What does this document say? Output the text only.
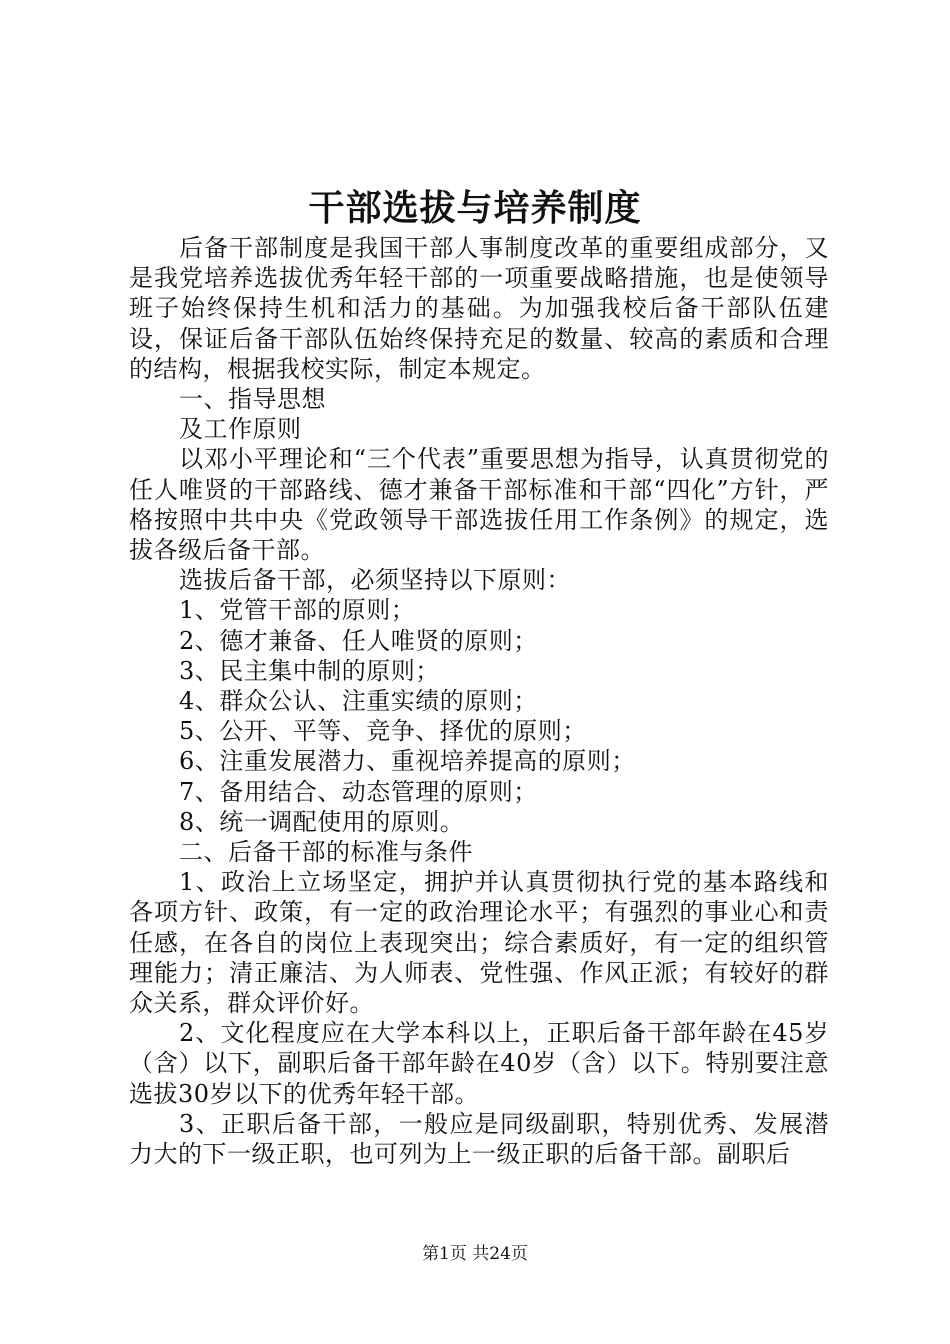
干部选拔与培养制度

后备干部制度是我国干部人事制度改革的重要组成部分，又是我党培养选拔优秀年轻干部的一项重要战略措施，也是使领导班子始终保持生机和活力的基础。为加强我校后备干部队伍建设，保证后备干部队伍始终保持充足的数量、较高的素质和合理的结构，根据我校实际，制定本规定。

一、指导思想

及工作原则

以邓小平理论和“三个代表”重要思想为指导，认真贯彻党的任人唯贤的干部路线、德才兼备干部标准和干部“四化”方针，严格按照中共中央《党政领导干部选拔任用工作条例》的规定，选拔各级后备干部。

选拔后备干部，必须坚持以下原则：

1、党管干部的原则；

2、德才兼备、任人唯贤的原则；

3、民主集中制的原则；

4、群众公认、注重实绩的原则；

5、公开、平等、竞争、择优的原则；

6、注重发展潜力、重视培养提高的原则；

7、备用结合、动态管理的原则；

8、统一调配使用的原则。

二、后备干部的标准与条件

1、政治上立场坚定，拥护并认真贯彻执行党的基本路线和各项方针、政策，有一定的政治理论水平；有强烈的事业心和责任感，在各自的岗位上表现突出；综合素质好，有一定的组织管理能力；清正廉洁、为人师表、党性强、作风正派；有较好的群众关系，群众评价好。

2、文化程度应在大学本科以上，正职后备干部年龄在45岁（含）以下，副职后备干部年龄在40岁（含）以下。特别要注意选拔30岁以下的优秀年轻干部。

3、正职后备干部，一般应是同级副职，特别优秀、发展潜力大的下一级正职，也可列为上一级正职的后备干部。副职后

第1页 共24页
